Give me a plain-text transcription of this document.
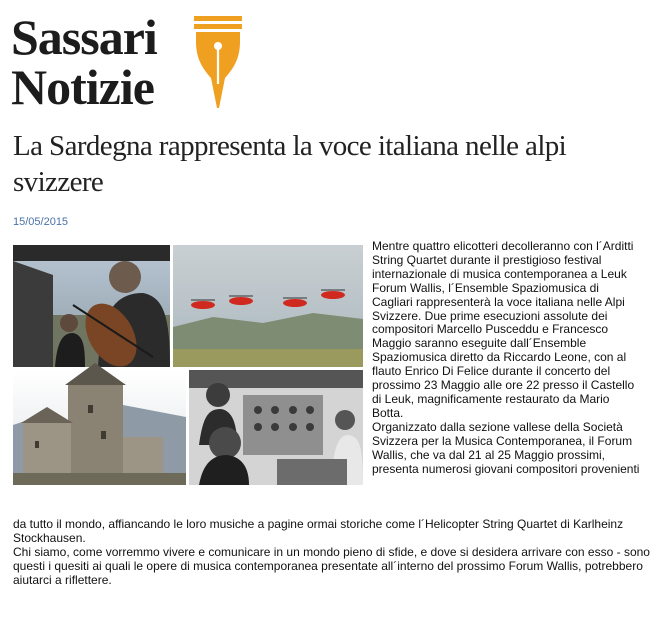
Sassari
Notizie
La Sardegna rappresenta la voce italiana nelle alpi svizzere
15/05/2015

Mentre quattro elicotteri decolleranno con l´Arditti String Quartet durante il prestigioso festival internazionale di musica contemporanea a Leuk Forum Wallis, l´Ensemble Spaziomusica di Cagliari rappresenterà la voce italiana nelle Alpi Svizzere. Due prime esecuzioni assolute dei compositori Marcello Pusceddu e Francesco Maggio saranno eseguite dall´Ensemble Spaziomusica diretto da Riccardo Leone, con al flauto Enrico Di Felice durante il concerto del prossimo 23 Maggio alle ore 22 presso il Castello di Leuk, magnificamente restaurato da Mario Botta.

Organizzato dalla sezione vallese della Società Svizzera per la Musica Contemporanea, il Forum Wallis, che va dal 21 al 25 Maggio prossimi, presenta numerosi giovani compositori provenienti

da tutto il mondo, affiancando le loro musiche a pagine ormai storiche come l´Helicopter String Quartet di Karlheinz Stockhausen.

Chi siamo, come vorremmo vivere e comunicare in un mondo pieno di sfide, e dove si desidera arrivare con esso - sono questi i quesiti ai quali le opere di musica contemporanea presentate all´interno del prossimo Forum Wallis, potrebbero aiutarci a riflettere.
